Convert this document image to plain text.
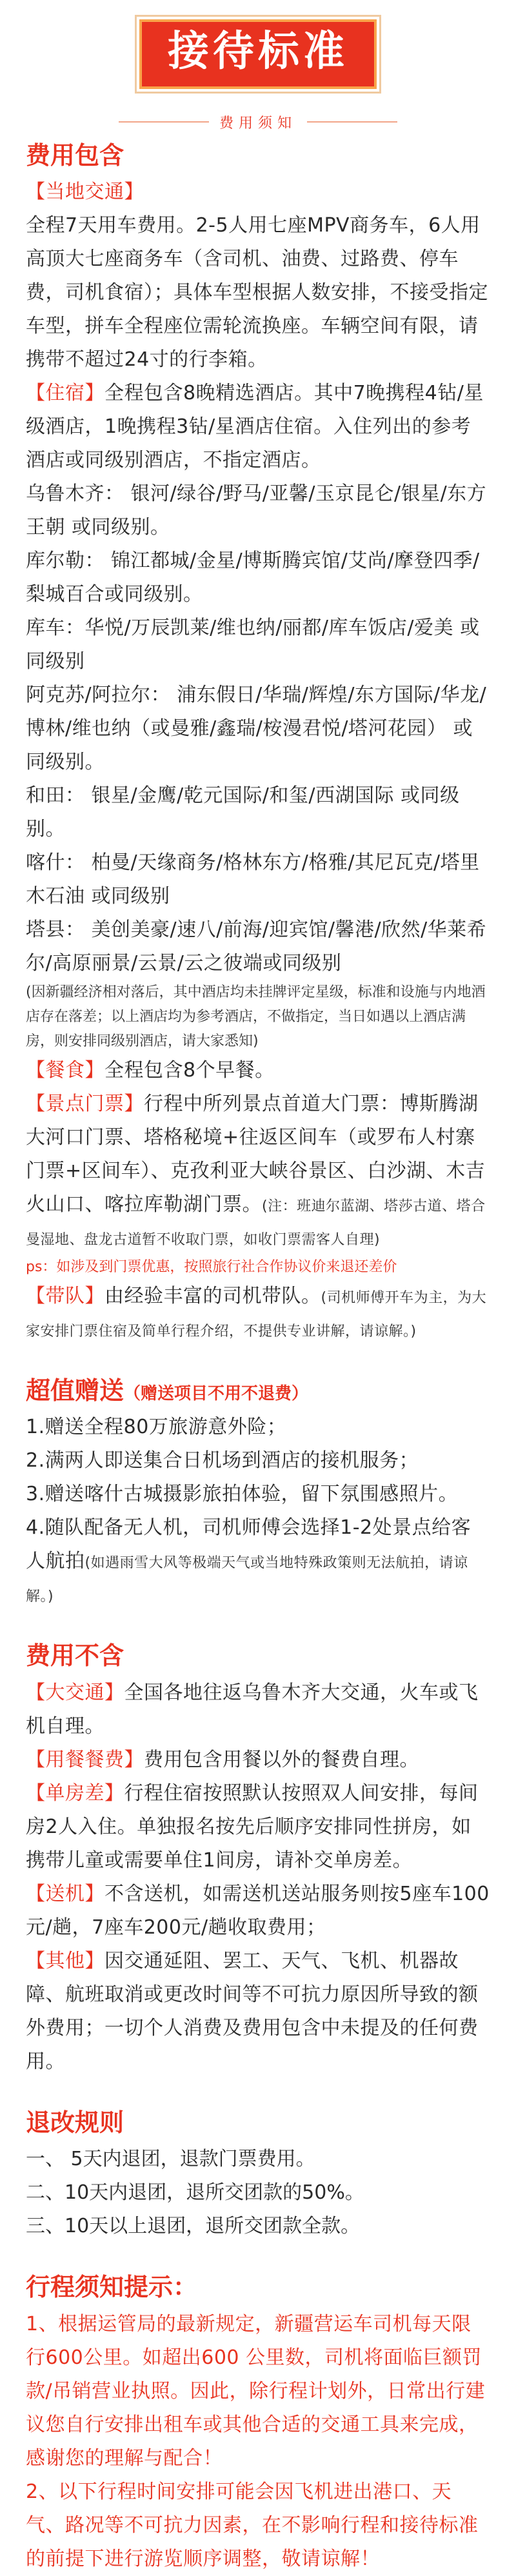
接待标准
费用须知
费用包含
【当地交通】
全程7天用车费用。2-5人用七座MPV商务车，6人用高顶大七座商务车（含司机、油费、过路费、停车费，司机食宿）；具体车型根据人数安排，不接受指定车型，拼车全程座位需轮流换座。车辆空间有限，请携带不超过24寸的行李箱。
【住宿】全程包含8晚精选酒店。其中7晚携程4钻/星级酒店，1晚携程3钻/星酒店住宿。入住列出的参考酒店或同级别酒店，不指定酒店。
乌鲁木齐： 银河/绿谷/野马/亚馨/玉京昆仑/银星/东方王朝 或同级别。
库尔勒： 锦江都城/金星/博斯腾宾馆/艾尚/摩登四季/梨城百合或同级别。
库车：华悦/万辰凯莱/维也纳/丽都/库车饭店/爱美 或同级别
阿克苏/阿拉尔： 浦东假日/华瑞/辉煌/东方国际/华龙/博林/维也纳（或曼雅/鑫瑞/桉漫君悦/塔河花园） 或同级别。
和田： 银星/金鹰/乾元国际/和玺/西湖国际 或同级别。
喀什： 柏曼/天缘商务/格林东方/格雅/其尼瓦克/塔里木石油 或同级别
塔县： 美创美豪/速八/前海/迎宾馆/馨港/欣然/华莱希尔/高原丽景/云景/云之彼端或同级别
(因新疆经济相对落后，其中酒店均未挂牌评定星级，标准和设施与内地酒店存在落差；以上酒店均为参考酒店，不做指定，当日如遇以上酒店满房，则安排同级别酒店，请大家悉知)
【餐食】全程包含8个早餐。
【景点门票】行程中所列景点首道大门票：博斯腾湖大河口门票、塔格秘境+往返区间车（或罗布人村寨门票+区间车）、克孜利亚大峡谷景区、白沙湖、木吉火山口、喀拉库勒湖门票。(注：班迪尔蓝湖、塔莎古道、塔合曼湿地、盘龙古道暂不收取门票，如收门票需客人自理)
ps：如涉及到门票优惠，按照旅行社合作协议价来退还差价
【带队】由经验丰富的司机带队。(司机师傅开车为主，为大家安排门票住宿及简单行程介绍，不提供专业讲解，请谅解。)
超值赠送（赠送项目不用不退费）
1.赠送全程80万旅游意外险；
2.满两人即送集合日机场到酒店的接机服务；
3.赠送喀什古城摄影旅拍体验，留下氛围感照片。
4.随队配备无人机，司机师傅会选择1-2处景点给客人航拍(如遇雨雪大风等极端天气或当地特殊政策则无法航拍，请谅解。)
费用不含
【大交通】全国各地往返乌鲁木齐大交通，火车或飞机自理。
【用餐餐费】费用包含用餐以外的餐费自理。
【单房差】行程住宿按照默认按照双人间安排，每间房2人入住。单独报名按先后顺序安排同性拼房，如携带儿童或需要单住1间房，请补交单房差。
【送机】不含送机，如需送机送站服务则按5座车100元/趟，7座车200元/趟收取费用；
【其他】因交通延阻、罢工、天气、飞机、机器故障、航班取消或更改时间等不可抗力原因所导致的额外费用；一切个人消费及费用包含中未提及的任何费用。
退改规则
一、 5天内退团，退款门票费用。
二、10天内退团，退所交团款的50%。
三、10天以上退团，退所交团款全款。
行程须知提示：
1、根据运管局的最新规定，新疆营运车司机每天限行600公里。如超出600 公里数，司机将面临巨额罚款/吊销营业执照。因此，除行程计划外，日常出行建议您自行安排出租车或其他合适的交通工具来完成，感谢您的理解与配合！
2、以下行程时间安排可能会因飞机进出港口、天气、路况等不可抗力因素，在不影响行程和接待标准的前提下进行游览顺序调整，敬请谅解！
